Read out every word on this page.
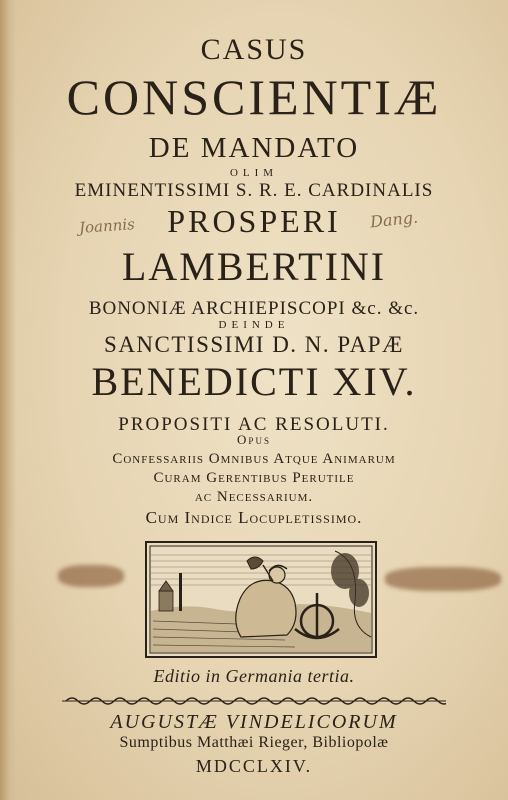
CASUS
CONSCIENTIÆ
DE MANDATO
OLIM
EMINENTISSIMI S. R. E. CARDINALIS
PROSPERI
LAMBERTINI
BONONIÆ ARCHIEPISCOPI &c. &c.
DEINDE
SANCTISSIMI D. N. PAPÆ
BENEDICTI XIV.
PROPOSITI AC RESOLUTI.
Opus
Confessariis Omnibus Atque Animarum
Curam Gerentibus Perutile
ac Necessarium.
Cum Indice Locupletissimo.
Joannis	Dang.
Editio in Germania tertia.
AUGUSTÆ VINDELICORUM
Sumptibus Matthæi Rieger, Bibliopolæ
MDCCLXIV.
